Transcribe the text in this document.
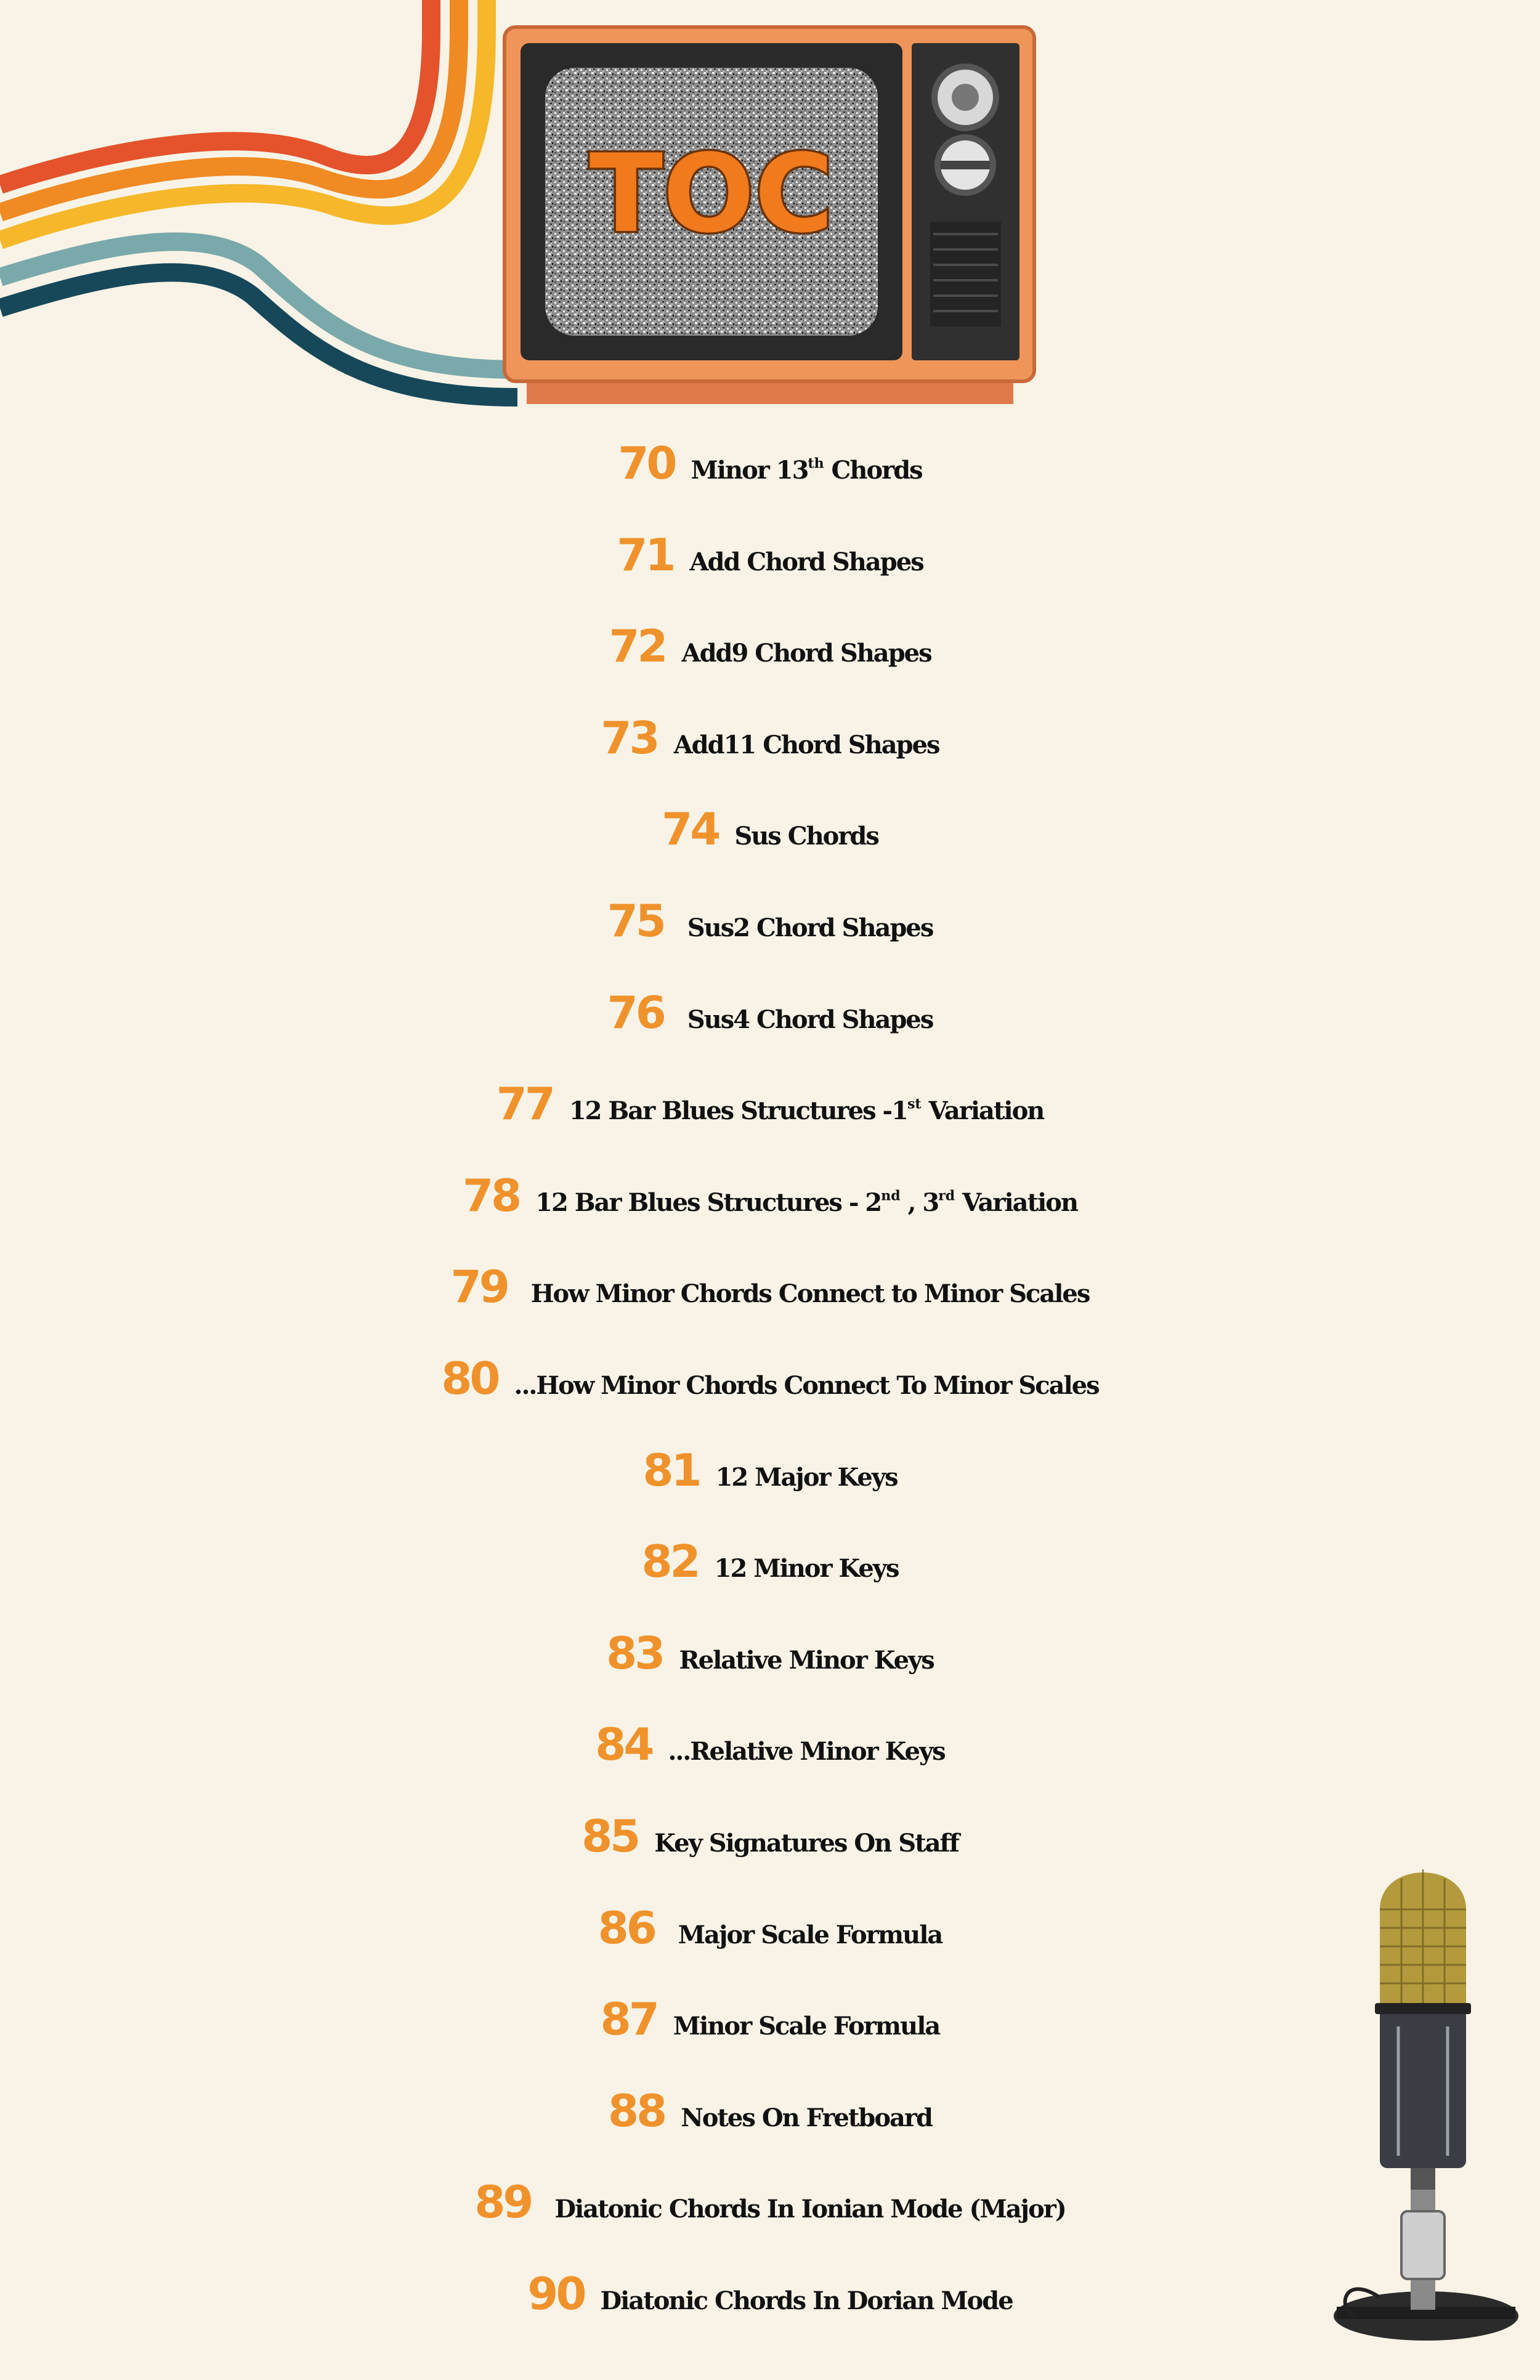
TOC
70 Minor 13th Chords
71 Add Chord Shapes
72 Add9 Chord Shapes
73 Add11 Chord Shapes
74 Sus Chords
75 Sus2 Chord Shapes
76 Sus4 Chord Shapes
77 12 Bar Blues Structures -1st Variation
78 12 Bar Blues Structures - 2nd , 3rd Variation
79 How Minor Chords Connect to Minor Scales
80 ...How Minor Chords Connect To Minor Scales
81 12 Major Keys
82 12 Minor Keys
83 Relative Minor Keys
84 ...Relative Minor Keys
85 Key Signatures On Staff
86 Major Scale Formula
87 Minor Scale Formula
88 Notes On Fretboard
89 Diatonic Chords In Ionian Mode (Major)
90 Diatonic Chords In Dorian Mode
